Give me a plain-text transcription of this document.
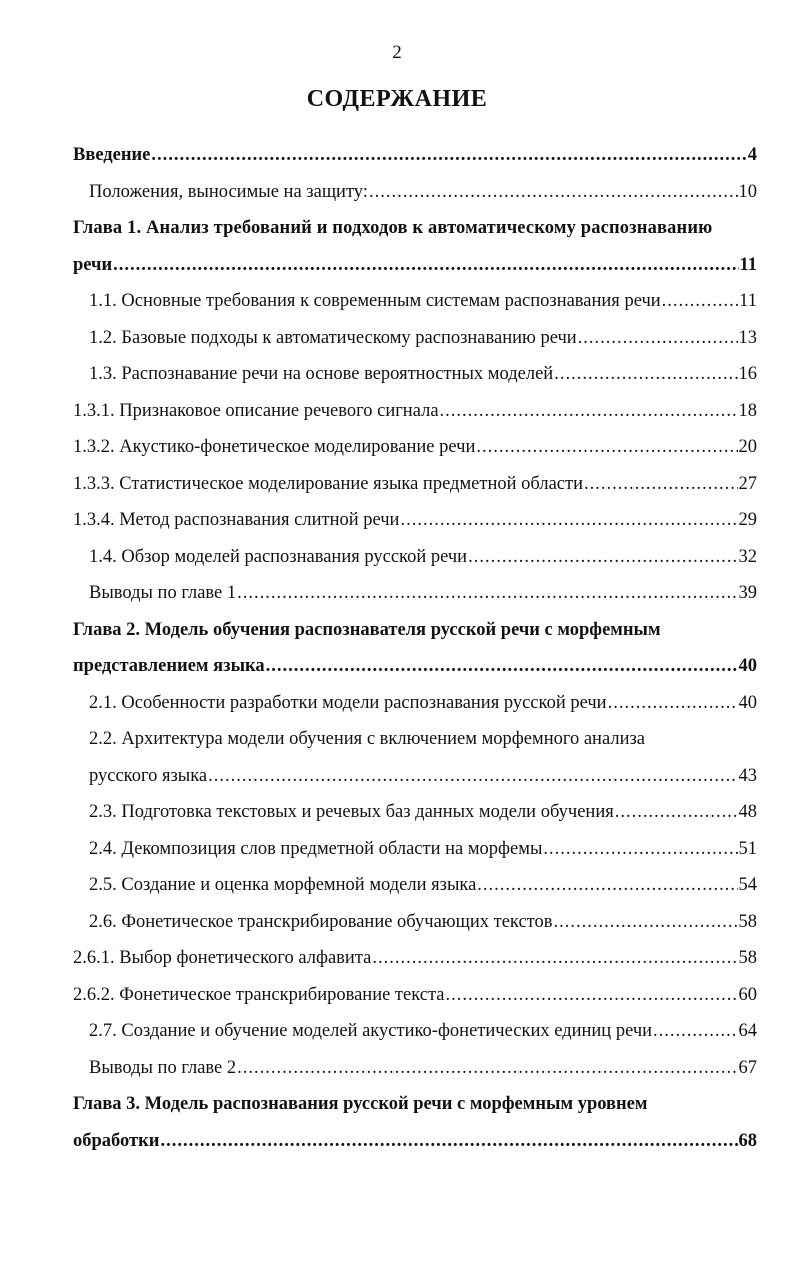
2
СОДЕРЖАНИЕ
Введение .....	4
Положения, выносимые на защиту: .....	10
Глава 1. Анализ требований и подходов к автоматическому распознаванию
речи .....	11
1.1. Основные требования к современным системам распознавания речи .....	11
1.2. Базовые подходы к автоматическому распознаванию речи .....	13
1.3. Распознавание речи на основе вероятностных моделей .....	16
1.3.1. Признаковое описание речевого сигнала .....	18
1.3.2. Акустико-фонетическое моделирование речи .....	20
1.3.3. Статистическое моделирование языка предметной области .....	27
1.3.4. Метод распознавания слитной речи .....	29
1.4. Обзор моделей распознавания русской речи .....	32
Выводы по главе 1 .....	39
Глава 2. Модель обучения распознавателя русской речи с морфемным
представлением языка .....	40
2.1. Особенности разработки модели распознавания русской речи .....	40
2.2. Архитектура модели обучения с включением морфемного анализа
русского языка .....	43
2.3. Подготовка текстовых и речевых баз данных модели обучения .....	48
2.4. Декомпозиция слов предметной области на морфемы .....	51
2.5. Создание и оценка морфемной модели языка .....	54
2.6. Фонетическое транскрибирование обучающих текстов .....	58
2.6.1. Выбор фонетического алфавита .....	58
2.6.2. Фонетическое транскрибирование текста .....	60
2.7. Создание и обучение моделей акустико-фонетических единиц речи .....	64
Выводы по главе 2 .....	67
Глава 3. Модель распознавания русской речи с морфемным уровнем
обработки .....	68
